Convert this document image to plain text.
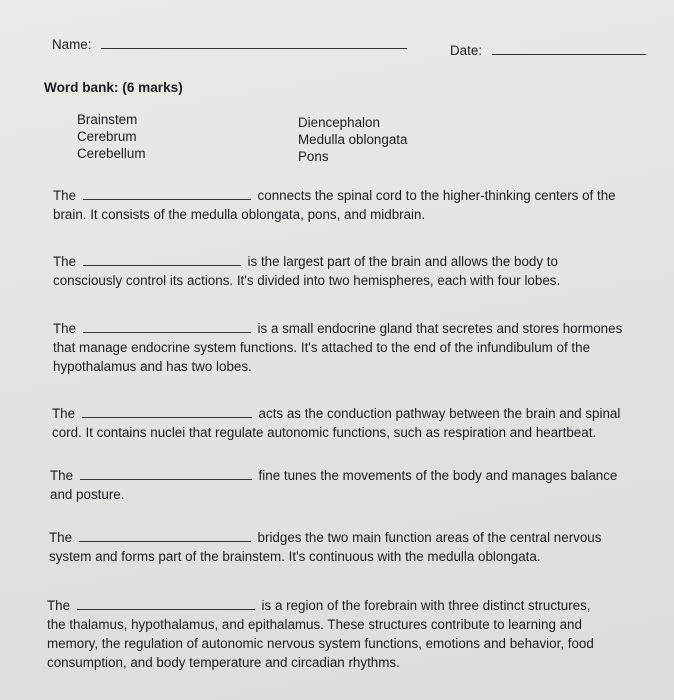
Name:	Date:
Word bank: (6 marks)
Brainstem
Cerebrum
Cerebellum
Diencephalon
Medulla oblongata
Pons
The	connects the spinal cord to the higher-thinking centers of the
brain. It consists of the medulla oblongata, pons, and midbrain.
The	is the largest part of the brain and allows the body to
consciously control its actions. It's divided into two hemispheres, each with four lobes.
The	is a small endocrine gland that secretes and stores hormones
that manage endocrine system functions. It's attached to the end of the infundibulum of the
hypothalamus and has two lobes.
The	acts as the conduction pathway between the brain and spinal
cord. It contains nuclei that regulate autonomic functions, such as respiration and heartbeat.
The	fine tunes the movements of the body and manages balance
and posture.
The	bridges the two main function areas of the central nervous
system and forms part of the brainstem. It's continuous with the medulla oblongata.
The	is a region of the forebrain with three distinct structures,
the thalamus, hypothalamus, and epithalamus. These structures contribute to learning and
memory, the regulation of autonomic nervous system functions, emotions and behavior, food
consumption, and body temperature and circadian rhythms.
